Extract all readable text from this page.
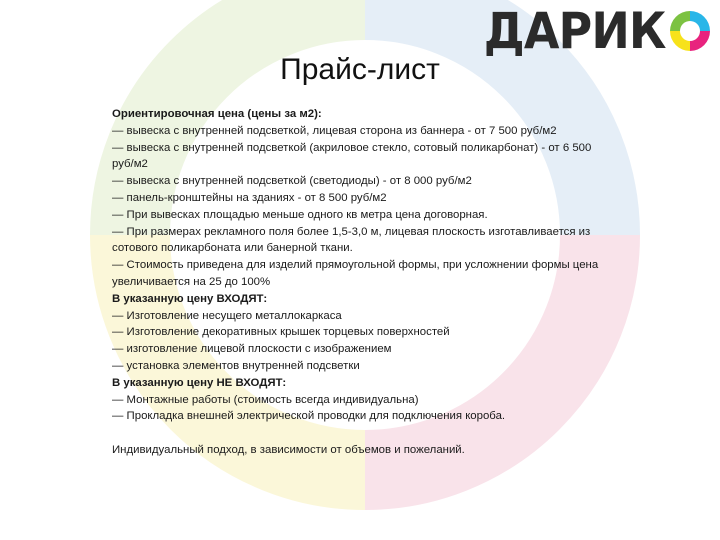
ДАРИК
Прайс-лист
Ориентировочная цена (цены за м2):
— вывеска с внутренней подсветкой, лицевая сторона из баннера - от 7 500 руб/м2
— вывеска с внутренней подсветкой (акриловое стекло, сотовый поликарбонат) - от 6 500 руб/м2
— вывеска с внутренней подсветкой (светодиоды) - от 8 000 руб/м2
— панель-кронштейны на зданиях - от 8 500 руб/м2
— При вывесках площадью меньше одного кв метра цена договорная.
— При размерах рекламного поля более 1,5-3,0 м, лицевая плоскость изготавливается из сотового поликарбоната или банерной ткани.
— Стоимость приведена для изделий прямоугольной формы, при усложнении формы цена увеличивается на 25 до 100%
В указанную цену ВХОДЯТ:
— Изготовление несущего металлокаркаса
— Изготовление декоративных крышек торцевых поверхностей
— изготовление лицевой плоскости с изображением
— установка элементов внутренней подсветки
В указанную цену НЕ ВХОДЯТ:
— Монтажные работы (стоимость всегда индивидуальна)
— Прокладка внешней электрической проводки для подключения короба.
Индивидуальный подход, в зависимости от объемов и пожеланий.
